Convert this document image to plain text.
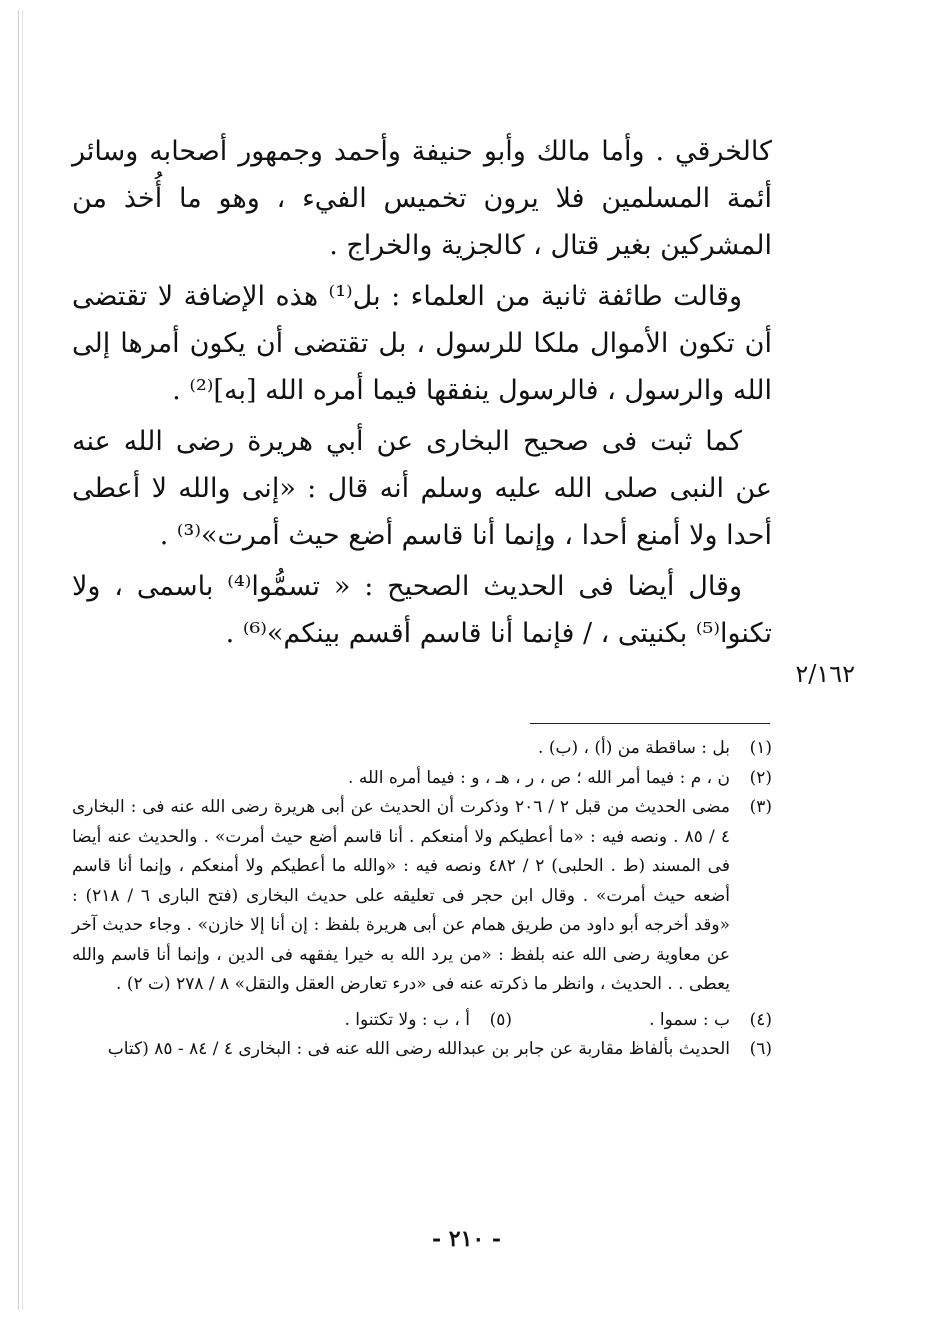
كالخرقي . وأما مالك وأبو حنيفة وأحمد وجمهور أصحابه وسائر أئمة المسلمين فلا يرون تخميس الفيء ، وهو ما أُخذ من المشركين بغير قتال ، كالجزية والخراج .

وقالت طائفة ثانية من العلماء : بل⁽¹⁾ هذه الإضافة لا تقتضى أن تكون الأموال ملكا للرسول ، بل تقتضى أن يكون أمرها إلى الله والرسول ، فالرسول ينفقها فيما أمره الله [به]⁽²⁾ .

كما ثبت فى صحيح البخارى عن أبي هريرة رضى الله عنه عن النبى صلى الله عليه وسلم أنه قال : «إنى والله لا أعطى أحدا ولا أمنع أحدا ، وإنما أنا قاسم أضع حيث أمرت»⁽³⁾ .

وقال أيضا فى الحديث الصحيح : « تسمُّوا⁽⁴⁾ باسمى ، ولا تكنوا⁽⁵⁾ بكنيتى ، / فإنما أنا قاسم أقسم بينكم»⁽⁶⁾ .

٢/١٦٢
(١)
بل : ساقطة من (أ) ، (ب) .
(٢)
ن ، م : فيما أمر الله ؛ ص ، ر ، هـ ، و : فيما أمره الله .
(٣)
مضى الحديث من قبل ٢ / ٢٠٦ وذكرت أن الحديث عن أبى هريرة رضى الله عنه فى : البخارى ٤ / ٨٥ . ونصه فيه : «ما أعطيكم ولا أمنعكم . أنا قاسم أضع حيث أمرت» . والحديث عنه أيضا فى المسند (ط . الحلبى) ٢ / ٤٨٢ ونصه فيه : «والله ما أعطيكم ولا أمنعكم ، وإنما أنا قاسم أضعه حيث أمرت» . وقال ابن حجر فى تعليقه على حديث البخارى (فتح البارى ٦ / ٢١٨) : «وقد أخرجه أبو داود من طريق همام عن أبى هريرة بلفظ : إن أنا إلا خازن» . وجاء حديث آخر عن معاوية رضى الله عنه بلفظ : «من يرد الله به خيرا يفقهه فى الدين ، وإنما أنا قاسم والله يعطى . . الحديث ، وانظر ما ذكرته عنه فى «درء تعارض العقل والنقل» ٨ / ٢٧٨ (ت ٢) .
(٤)
ب : سموا .
(٥)
أ ، ب : ولا تكتنوا .
(٦)
الحديث بألفاظ مقاربة عن جابر بن عبدالله رضى الله عنه فى : البخارى ٤ / ٨٤ - ٨٥ (كتاب
- ٢١٠ -
